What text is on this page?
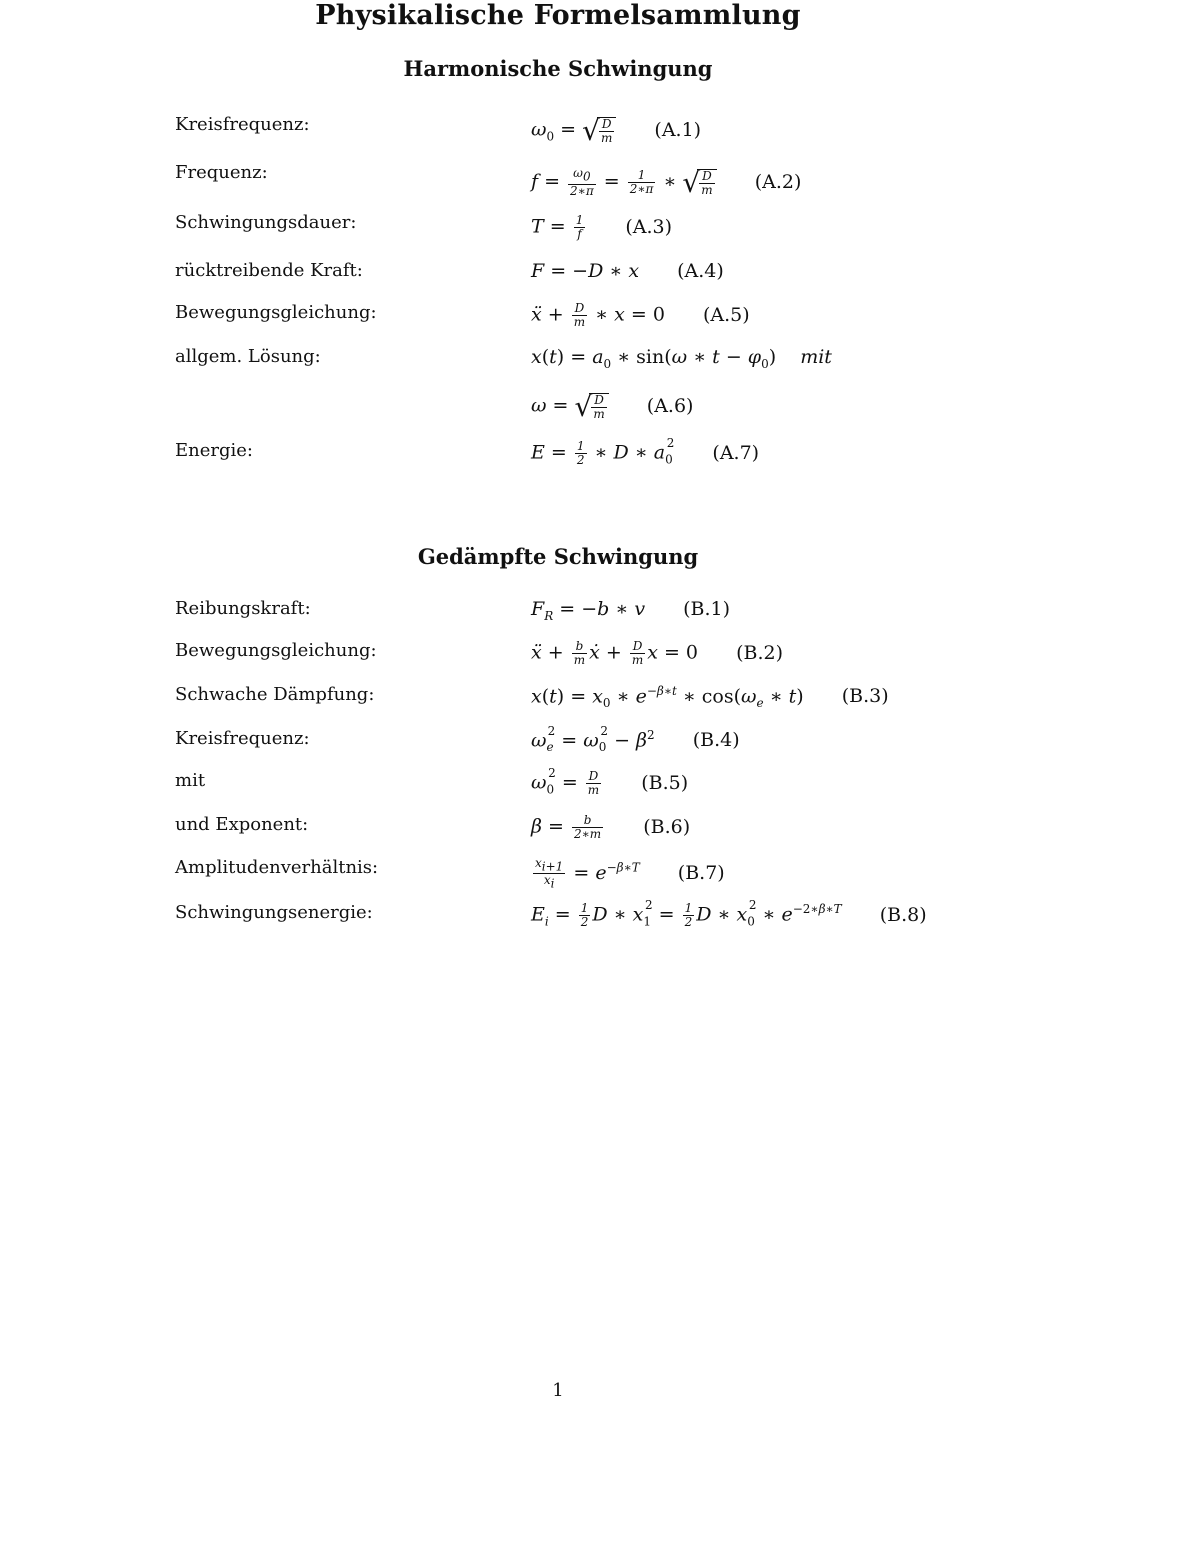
Physikalische Formelsammlung
Harmonische Schwingung
Kreisfrequenz:	$\omega_0$ = √ $\frac{D}{m} (A.1)$
Frequenz:	$f = \frac{\omega_0}{2∗\pi} = \frac{1}{2∗\pi}$ ∗ √ $\frac{D}{m} (A.2)$
Schwingungsdauer:	$T = \frac{1}{f} (A.3)$
rücktreibende Kraft:	F = −D ∗ x (A.4)
Bewegungsgleichung:	ẍ + $\frac{D}{m}$ ∗ x = 0 (A.5)
allgem. Lösung:	$x(t) = a_0$ ∗ sin(ω ∗ $t - \varphi_0$) mit
ω = √ $\frac{D}{m} (A.6)$
Energie:	$E = \frac{1}{2}$ ∗ D ∗ $a_0^2$ (A.7)
Gedämpfte Schwingung
Reibungskraft:	$F_R = -b$ ∗ v (B.1)
Bewegungsgleichung:	ẍ + $\frac{b}{m}$ ẋ + $\frac{D}{m}$ x = 0 (B.2)
Schwache Dämpfung:	$x(t) = x_0$ ∗ $e^{-\beta∗t}$ ∗ $\cos(\omega_e$ ∗ t) (B.3)
Kreisfrequenz:	$\omega_e^2 = \omega_0^2 - \beta^2$ (B.4)
mit	$\omega_0^2 = \frac{D}{m} (B.5)$
und Exponent:	$\beta = \frac{b}{2∗m} (B.6)$
Amplitudenverhältnis:	$\frac{x_{i+1}}{x_i} = e^{-\beta∗T}$ (B.7)
Schwingungsenergie:	$E_i = \frac{1}{2}$ D ∗ $x_1^2 = \frac{1}{2}$ D ∗ $x_0^2$ ∗ $e^{-2∗\beta∗T}$ (B.8)
1
